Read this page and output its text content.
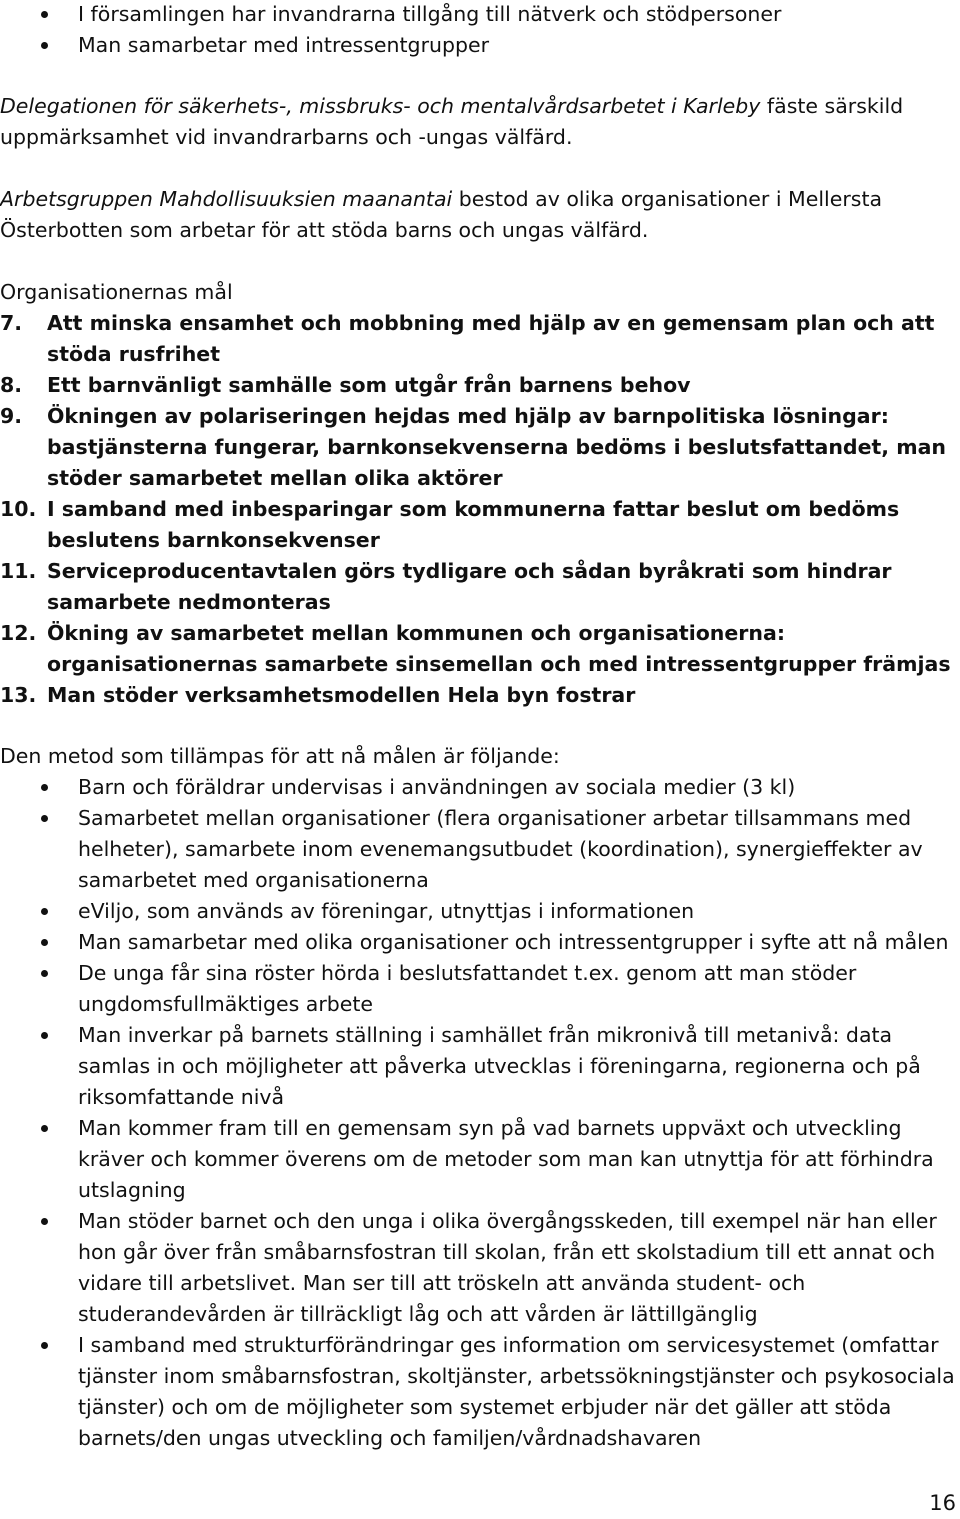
I församlingen har invandrarna tillgång till nätverk och stödpersoner
Man samarbetar med intressentgrupper

Delegationen för säkerhets-, missbruks- och mentalvårdsarbetet i Karleby fäste särskild uppmärksamhet vid invandrarbarns och -ungas välfärd.

Arbetsgruppen Mahdollisuuksien maanantai bestod av olika organisationer i Mellersta Österbotten som arbetar för att stöda barns och ungas välfärd.

Organisationernas mål

7. Att minska ensamhet och mobbning med hjälp av en gemensam plan och att stöda rusfrihet
8. Ett barnvänligt samhälle som utgår från barnens behov
9. Ökningen av polariseringen hejdas med hjälp av barnpolitiska lösningar: bastjänsterna fungerar, barnkonsekvenserna bedöms i beslutsfattandet, man stöder samarbetet mellan olika aktörer
10. I samband med inbesparingar som kommunerna fattar beslut om bedöms beslutens barnkonsekvenser
11. Serviceproducentavtalen görs tydligare och sådan byråkrati som hindrar samarbete nedmonteras
12. Ökning av samarbetet mellan kommunen och organisationerna: organisationernas samarbete sinsemellan och med intressentgrupper främjas
13. Man stöder verksamhetsmodellen Hela byn fostrar

Den metod som tillämpas för att nå målen är följande:

Barn och föräldrar undervisas i användningen av sociala medier (3 kl)
Samarbetet mellan organisationer (flera organisationer arbetar tillsammans med helheter), samarbete inom evenemangsutbudet (koordination), synergieffekter av samarbetet med organisationerna
eViljo, som används av föreningar, utnyttjas i informationen
Man samarbetar med olika organisationer och intressentgrupper i syfte att nå målen
De unga får sina röster hörda i beslutsfattandet t.ex. genom att man stöder ungdomsfullmäktiges arbete
Man inverkar på barnets ställning i samhället från mikronivå till metanivå: data samlas in och möjligheter att påverka utvecklas i föreningarna, regionerna och på riksomfattande nivå
Man kommer fram till en gemensam syn på vad barnets uppväxt och utveckling kräver och kommer överens om de metoder som man kan utnyttja för att förhindra utslagning
Man stöder barnet och den unga i olika övergångsskeden, till exempel när han eller hon går över från småbarnsfostran till skolan, från ett skolstadium till ett annat och vidare till arbetslivet. Man ser till att tröskeln att använda student- och studerandevården är tillräckligt låg och att vården är lättillgänglig
I samband med strukturförändringar ges information om servicesystemet (omfattar tjänster inom småbarnsfostran, skoltjänster, arbetssökningstjänster och psykosociala tjänster) och om de möjligheter som systemet erbjuder när det gäller att stöda barnets/den ungas utveckling och familjen/vårdnadshavaren
16
